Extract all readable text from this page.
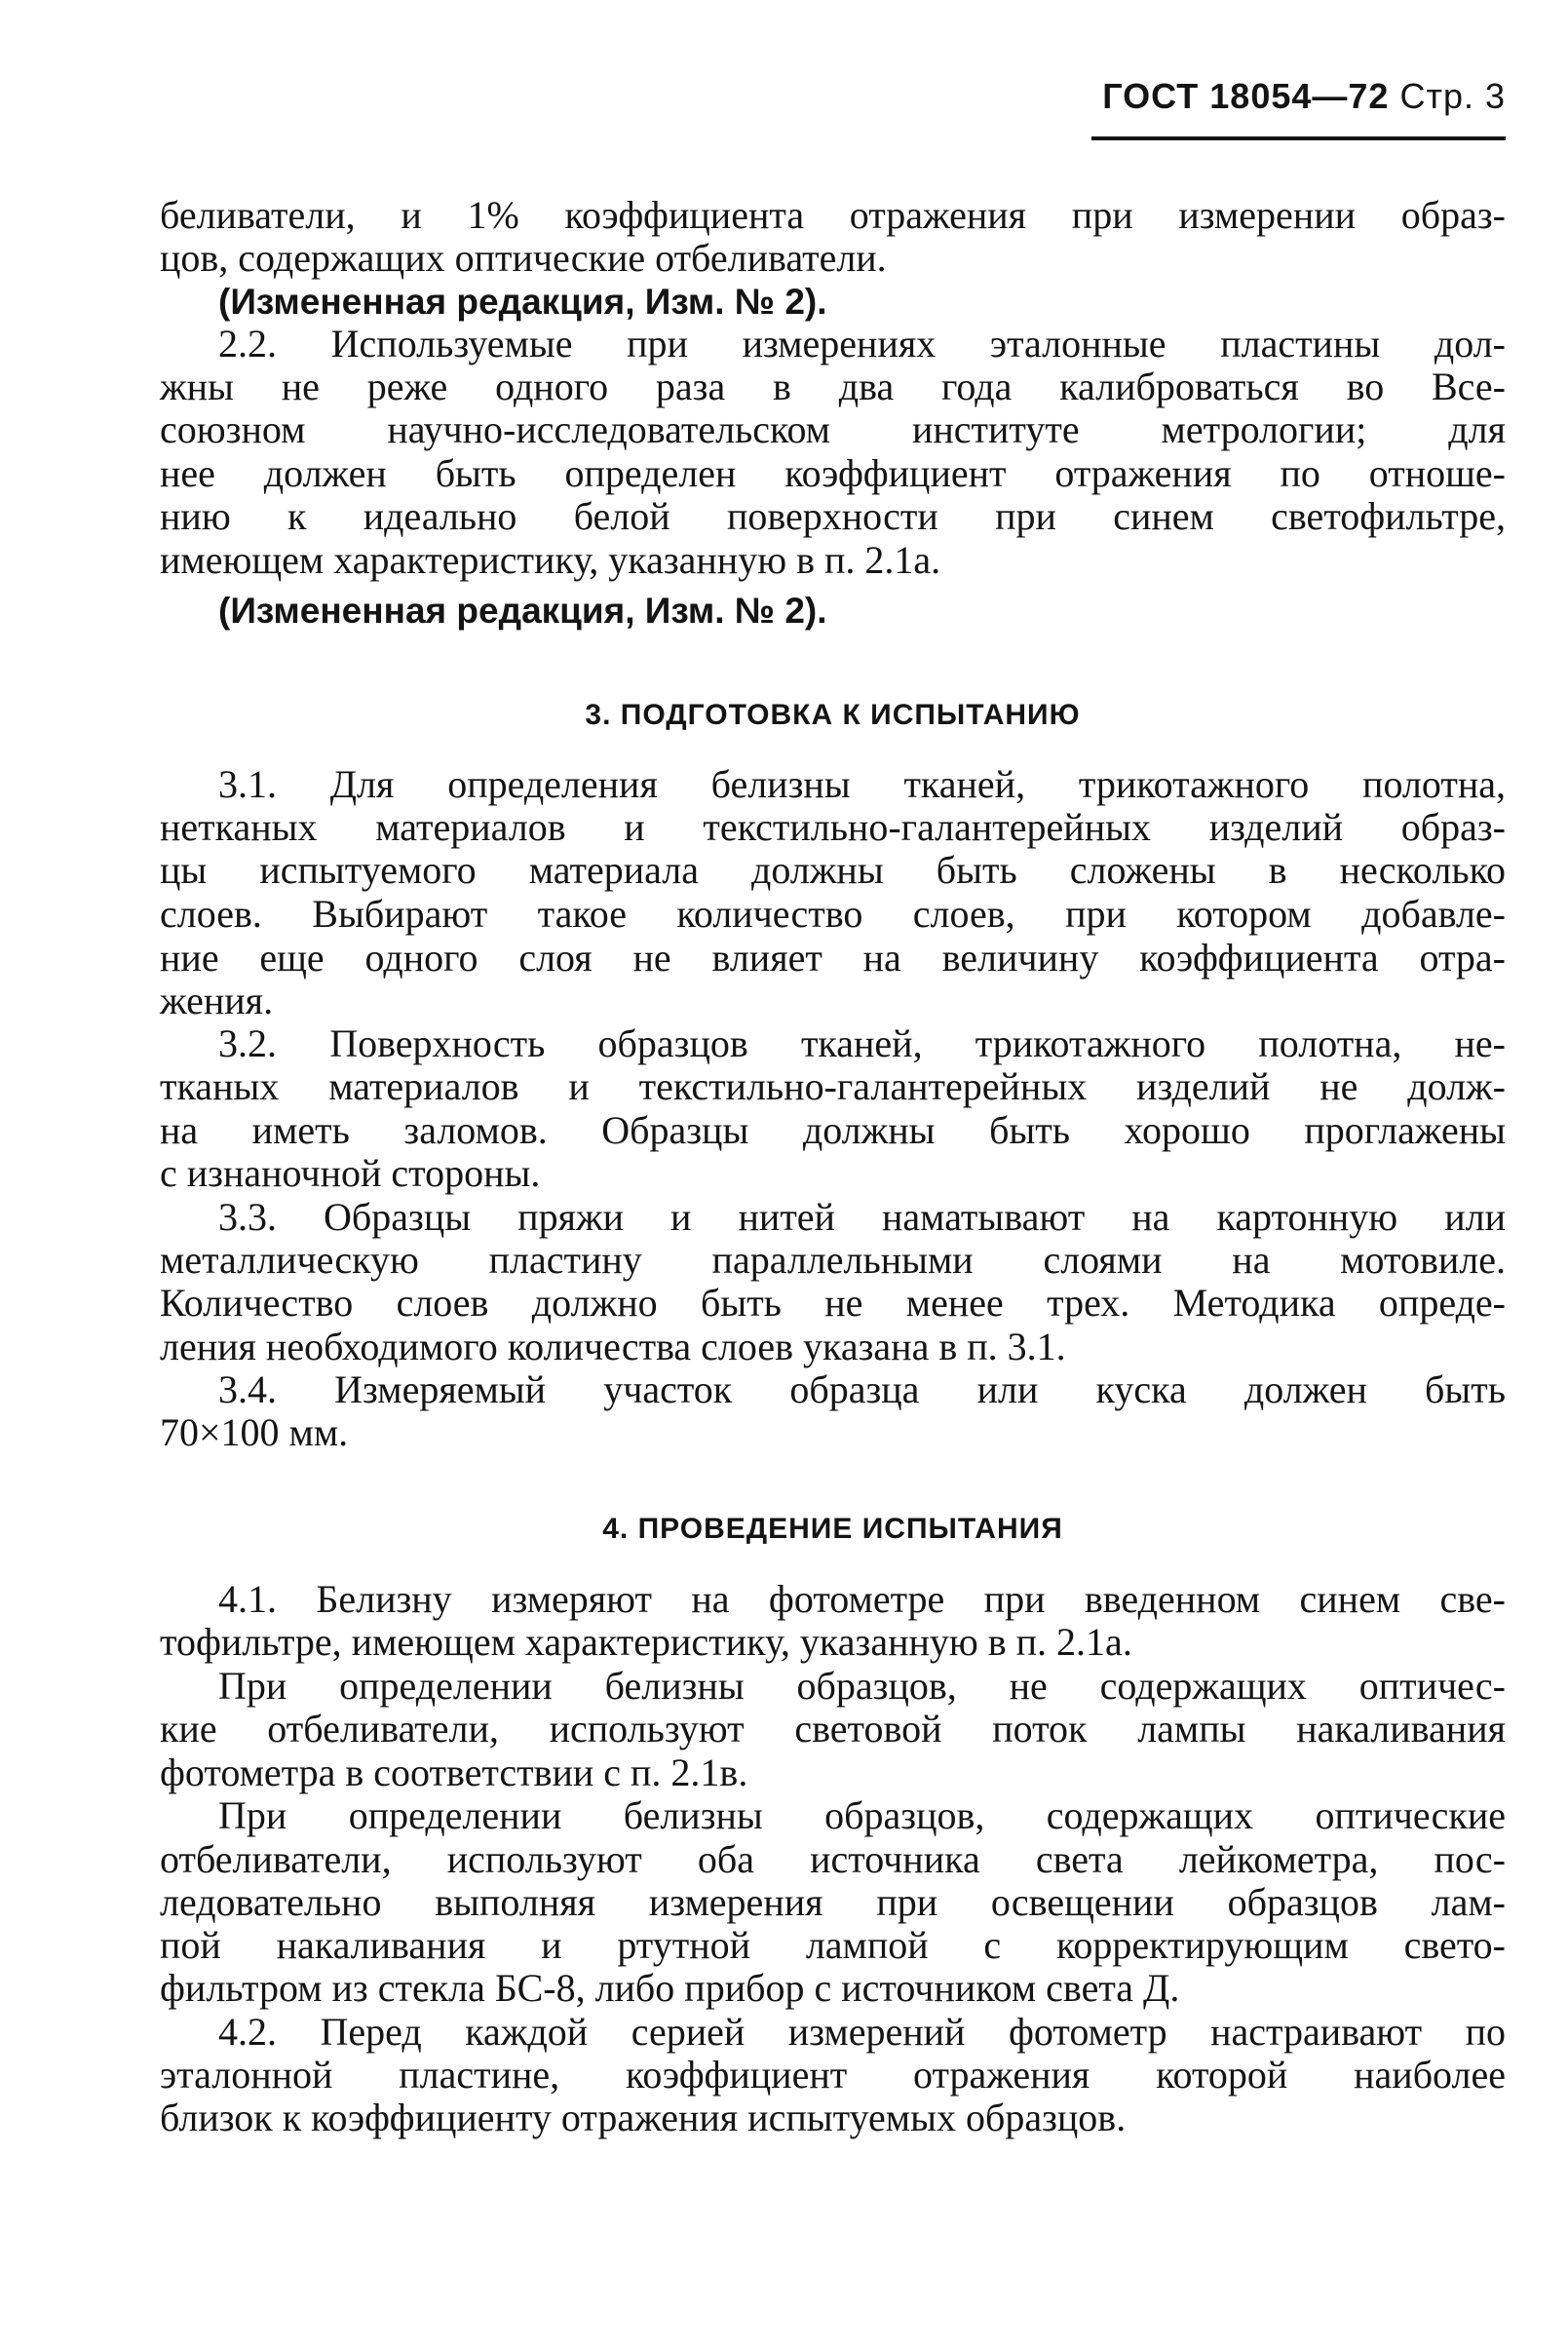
ГОСТ 18054—72 Стр. 3
беливатели, и 1% коэффициента отражения при измерении образ-
цов, содержащих оптические отбеливатели.
(Измененная редакция, Изм. № 2).
2.2. Используемые при измерениях эталонные пластины дол-
жны не реже одного раза в два года калиброваться во Все-
союзном научно-исследовательском институте метрологии; для
нее должен быть определен коэффициент отражения по отноше-
нию к идеально белой поверхности при синем светофильтре,
имеющем характеристику, указанную в п. 2.1а.
(Измененная редакция, Изм. № 2).
3. ПОДГОТОВКА К ИСПЫТАНИЮ
3.1. Для определения белизны тканей, трикотажного полотна,
нетканых материалов и текстильно-галантерейных изделий образ-
цы испытуемого материала должны быть сложены в несколько
слоев. Выбирают такое количество слоев, при котором добавле-
ние еще одного слоя не влияет на величину коэффициента отра-
жения.
3.2. Поверхность образцов тканей, трикотажного полотна, не-
тканых материалов и текстильно-галантерейных изделий не долж-
на иметь заломов. Образцы должны быть хорошо проглажены
с изнаночной стороны.
3.3. Образцы пряжи и нитей наматывают на картонную или
металлическую пластину параллельными слоями на мотовиле.
Количество слоев должно быть не менее трех. Методика опреде-
ления необходимого количества слоев указана в п. 3.1.
3.4. Измеряемый участок образца или куска должен быть
70×100 мм.
4. ПРОВЕДЕНИЕ ИСПЫТАНИЯ
4.1. Белизну измеряют на фотометре при введенном синем све-
тофильтре, имеющем характеристику, указанную в п. 2.1а.
При определении белизны образцов, не содержащих оптичес-
кие отбеливатели, используют световой поток лампы накаливания
фотометра в соответствии с п. 2.1в.
При определении белизны образцов, содержащих оптические
отбеливатели, используют оба источника света лейкометра, пос-
ледовательно выполняя измерения при освещении образцов лам-
пой накаливания и ртутной лампой с корректирующим свето-
фильтром из стекла БС-8, либо прибор с источником света Д.
4.2. Перед каждой серией измерений фотометр настраивают по
эталонной пластине, коэффициент отражения которой наиболее
близок к коэффициенту отражения испытуемых образцов.
